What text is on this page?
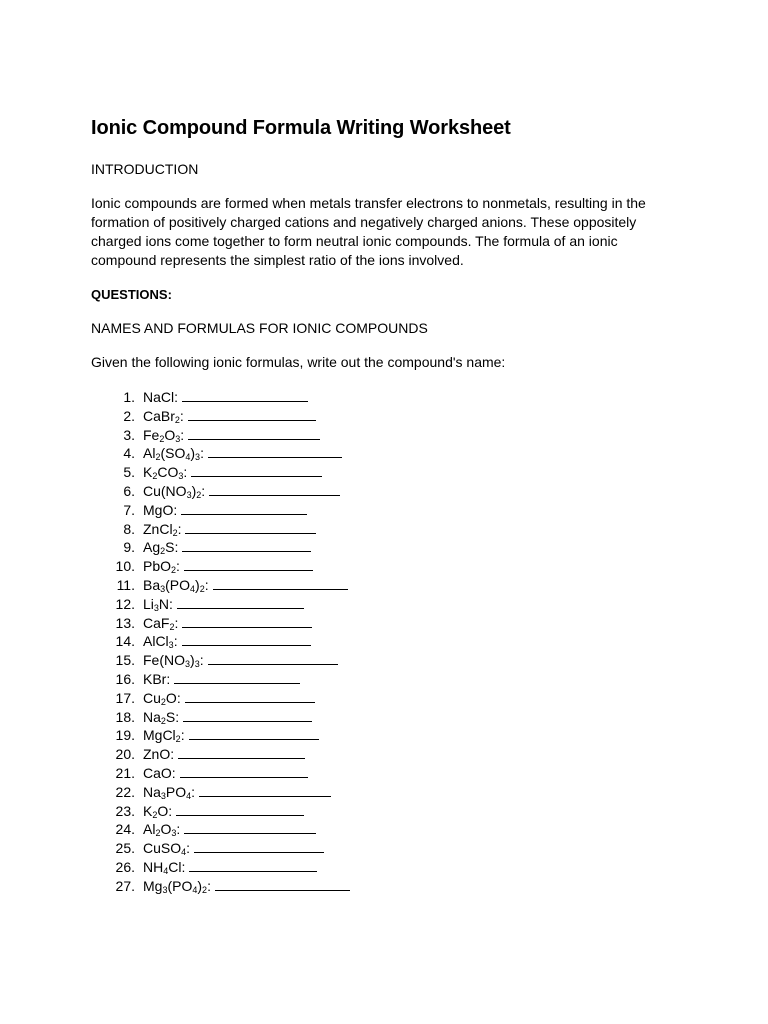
Ionic Compound Formula Writing Worksheet
INTRODUCTION

Ionic compounds are formed when metals transfer electrons to nonmetals, resulting in the
formation of positively charged cations and negatively charged anions. These oppositely
charged ions come together to form neutral ionic compounds. The formula of an ionic
compound represents the simplest ratio of the ions involved.

QUESTIONS:
NAMES AND FORMULAS FOR IONIC COMPOUNDS
Given the following ionic formulas, write out the compound's name:
1. NaCl:
2. CaBr$_2$:
3. $Fe_2O_3$:
4. $Al_2(SO_4)_3$:
5. $K_2CO_3$:
6. $Cu(NO_3)_2$:
7. MgO:
8. ZnCl$_2$:
9. $Ag_2S$:
10. PbO$_2$:
11. $Ba_3(PO_4)_2$:
12. $Li_3N$:
13. CaF$_2$:
14. AlCl$_3$:
15. $Fe(NO_3)_3$:
16. KBr:
17. $Cu_2O$:
18. $Na_2S$:
19. MgCl$_2$:
20. ZnO:
21. CaO:
22. $Na_3PO_4$:
23. $K_2O$:
24. $Al_2O_3$:
25. CuSO$_4$:
26. $NH_4Cl$:
27. $Mg_3(PO_4)_2$:
